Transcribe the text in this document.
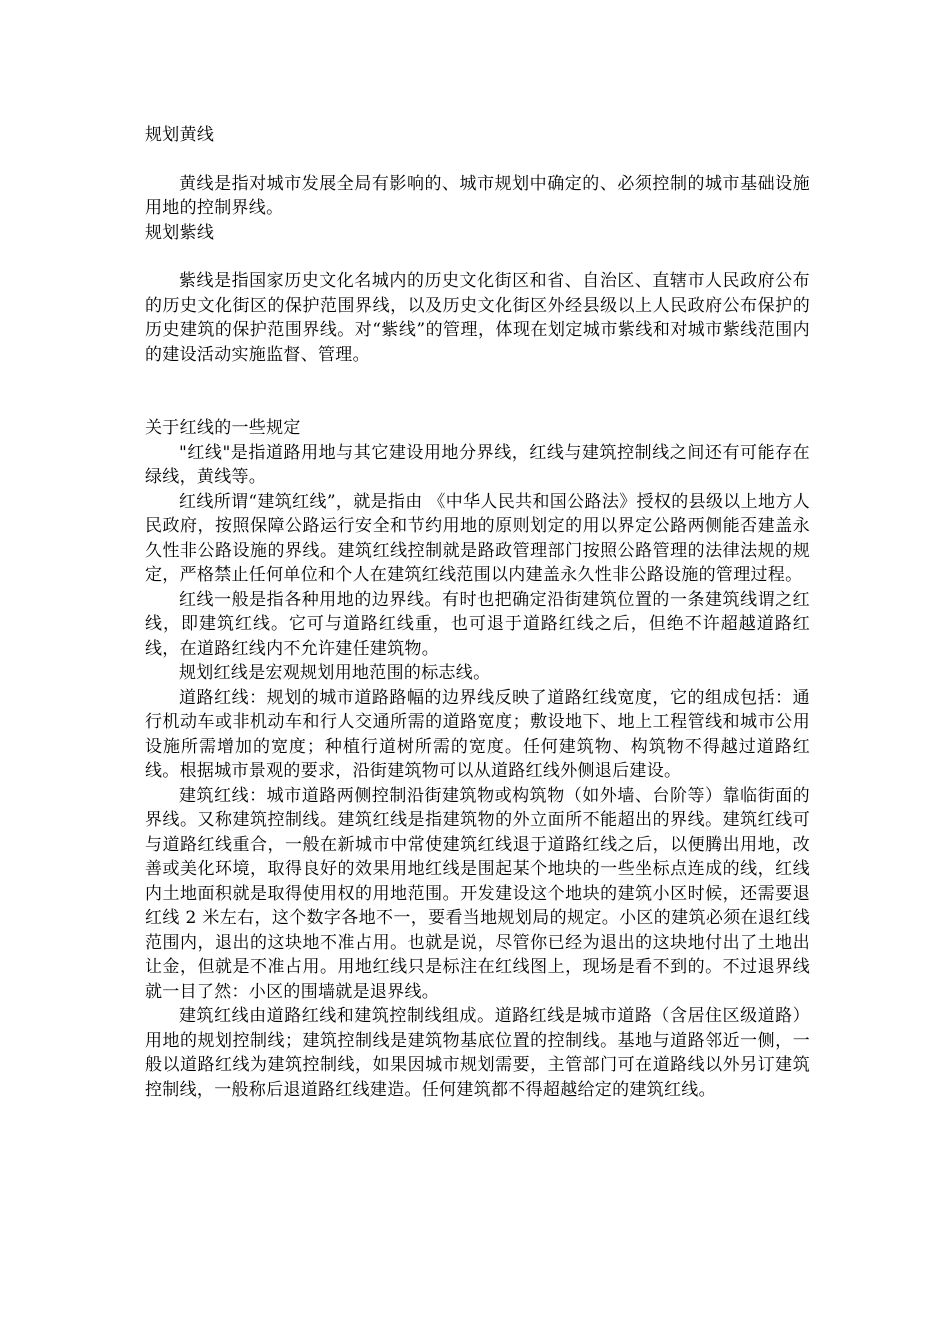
规划黄线

黄线是指对城市发展全局有影响的、城市规划中确定的、必须控制的城市基础设施用地的控制界线。

规划紫线

紫线是指国家历史文化名城内的历史文化街区和省、自治区、直辖市人民政府公布的历史文化街区的保护范围界线，以及历史文化街区外经县级以上人民政府公布保护的历史建筑的保护范围界线。对“紫线”的管理，体现在划定城市紫线和对城市紫线范围内的建设活动实施监督、管理。

关于红线的一些规定

"红线"是指道路用地与其它建设用地分界线，红线与建筑控制线之间还有可能存在绿线，黄线等。

红线所谓“建筑红线”，就是指由 《中华人民共和国公路法》授权的县级以上地方人民政府，按照保障公路运行安全和节约用地的原则划定的用以界定公路两侧能否建盖永久性非公路设施的界线。建筑红线控制就是路政管理部门按照公路管理的法律法规的规定，严格禁止任何单位和个人在建筑红线范围以内建盖永久性非公路设施的管理过程。

红线一般是指各种用地的边界线。有时也把确定沿街建筑位置的一条建筑线谓之红线，即建筑红线。它可与道路红线重，也可退于道路红线之后，但绝不许超越道路红线，在道路红线内不允许建任建筑物。

规划红线是宏观规划用地范围的标志线。

道路红线：规划的城市道路路幅的边界线反映了道路红线宽度，它的组成包括：通行机动车或非机动车和行人交通所需的道路宽度；敷设地下、地上工程管线和城市公用设施所需增加的宽度；种植行道树所需的宽度。任何建筑物、构筑物不得越过道路红线。根据城市景观的要求，沿街建筑物可以从道路红线外侧退后建设。

建筑红线：城市道路两侧控制沿街建筑物或构筑物（如外墙、台阶等）靠临街面的界线。又称建筑控制线。建筑红线是指建筑物的外立面所不能超出的界线。建筑红线可与道路红线重合，一般在新城市中常使建筑红线退于道路红线之后，以便腾出用地，改善或美化环境，取得良好的效果用地红线是围起某个地块的一些坐标点连成的线，红线内土地面积就是取得使用权的用地范围。开发建设这个地块的建筑小区时候，还需要退红线 2 米左右，这个数字各地不一，要看当地规划局的规定。小区的建筑必须在退红线范围内，退出的这块地不准占用。也就是说，尽管你已经为退出的这块地付出了土地出让金，但就是不准占用。用地红线只是标注在红线图上，现场是看不到的。不过退界线就一目了然：小区的围墙就是退界线。

建筑红线由道路红线和建筑控制线组成。道路红线是城市道路（含居住区级道路）用地的规划控制线；建筑控制线是建筑物基底位置的控制线。基地与道路邻近一侧，一般以道路红线为建筑控制线，如果因城市规划需要，主管部门可在道路线以外另订建筑控制线，一般称后退道路红线建造。任何建筑都不得超越给定的建筑红线。
